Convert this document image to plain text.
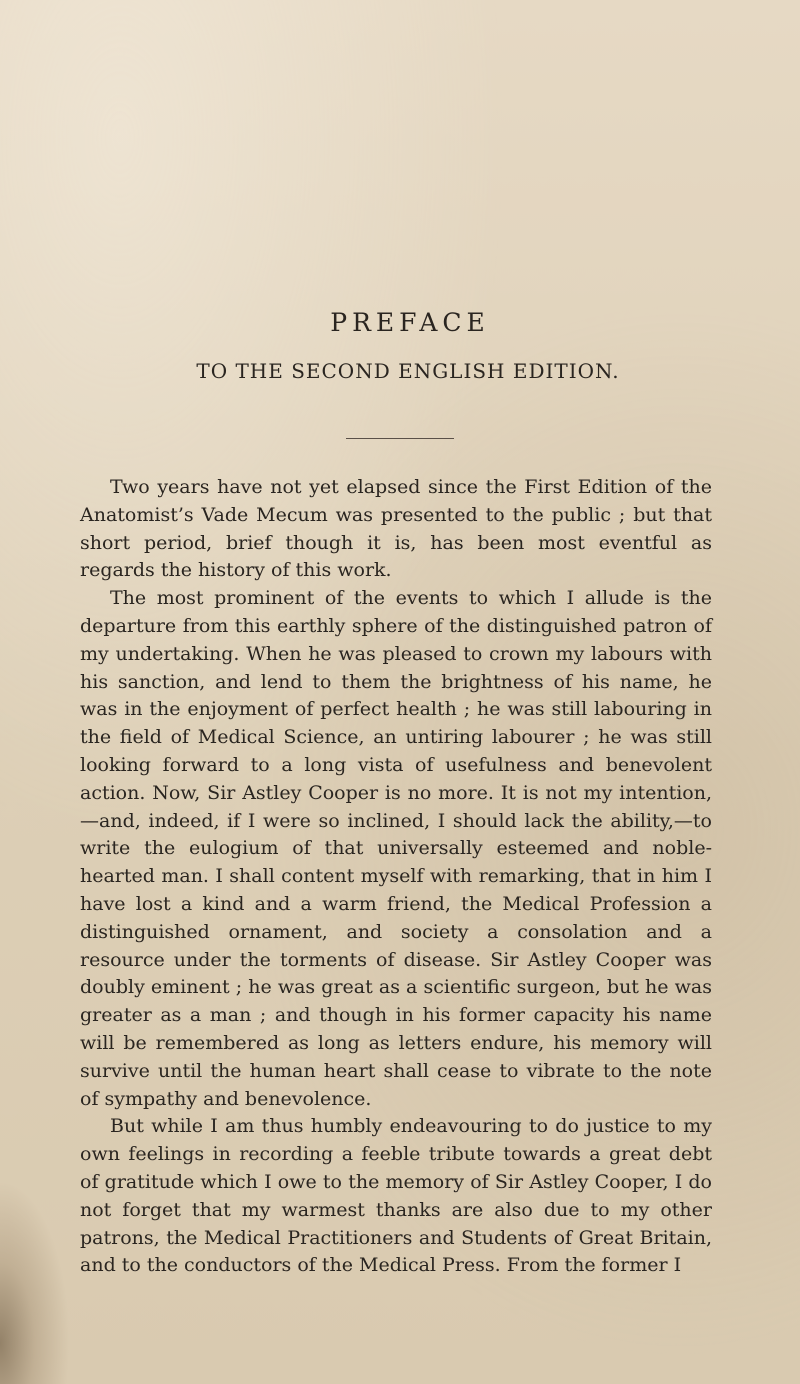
PREFACE
TO THE SECOND ENGLISH EDITION.

Two years have not yet elapsed since the First Edition of the Anatomist’s Vade Mecum was presented to the public ; but that short period, brief though it is, has been most eventful as regards the history of this work.

The most prominent of the events to which I allude is the departure from this earthly sphere of the distinguished patron of my undertaking. When he was pleased to crown my labours with his sanction, and lend to them the brightness of his name, he was in the enjoyment of perfect health ; he was still labouring in the field of Medical Science, an untiring labourer ; he was still looking forward to a long vista of usefulness and benevolent action. Now, Sir Astley Cooper is no more. It is not my intention,—and, indeed, if I were so inclined, I should lack the ability,—to write the eulogium of that universally esteemed and noble-hearted man. I shall content myself with remarking, that in him I have lost a kind and a warm friend, the Medical Profession a distinguished ornament, and society a consolation and a resource under the torments of disease. Sir Astley Cooper was doubly eminent ; he was great as a scientific surgeon, but he was greater as a man ; and though in his former capacity his name will be remembered as long as letters endure, his memory will survive until the human heart shall cease to vibrate to the note of sympathy and benevolence.

But while I am thus humbly endeavouring to do justice to my own feelings in recording a feeble tribute towards a great debt of gratitude which I owe to the memory of Sir Astley Cooper, I do not forget that my warmest thanks are also due to my other patrons, the Medical Practitioners and Students of Great Britain, and to the conductors of the Medical Press. From the former I
